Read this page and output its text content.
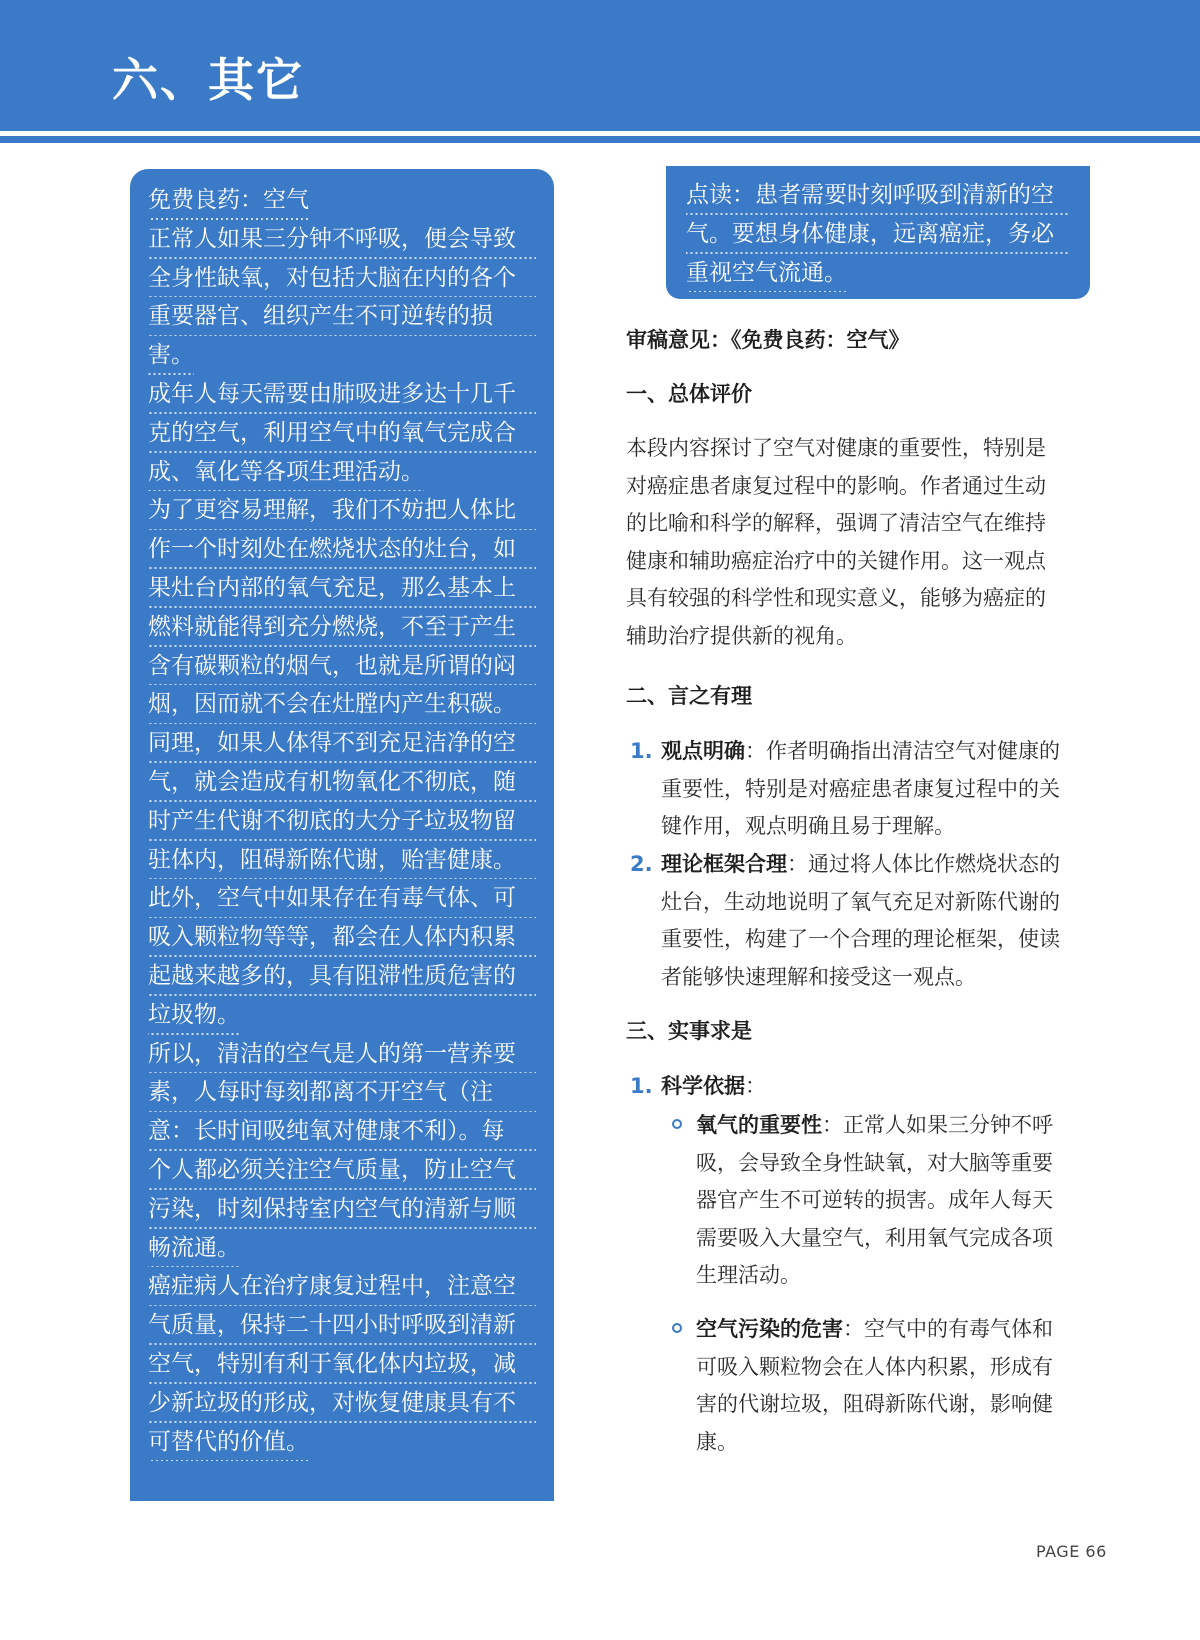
六、其它
免费良药：空气
正常人如果三分钟不呼吸，便会导致
全身性缺氧，对包括大脑在内的各个
重要器官、组织产生不可逆转的损
害。
成年人每天需要由肺吸进多达十几千
克的空气，利用空气中的氧气完成合
成、氧化等各项生理活动。
为了更容易理解，我们不妨把人体比
作一个时刻处在燃烧状态的灶台，如
果灶台内部的氧气充足，那么基本上
燃料就能得到充分燃烧，不至于产生
含有碳颗粒的烟气，也就是所谓的闷
烟，因而就不会在灶膛内产生积碳。
同理，如果人体得不到充足洁净的空
气，就会造成有机物氧化不彻底，随
时产生代谢不彻底的大分子垃圾物留
驻体内，阻碍新陈代谢，贻害健康。
此外，空气中如果存在有毒气体、可
吸入颗粒物等等，都会在人体内积累
起越来越多的，具有阻滞性质危害的
垃圾物。
所以，清洁的空气是人的第一营养要
素，人每时每刻都离不开空气（注
意：长时间吸纯氧对健康不利）。每
个人都必须关注空气质量，防止空气
污染，时刻保持室内空气的清新与顺
畅流通。
癌症病人在治疗康复过程中，注意空
气质量，保持二十四小时呼吸到清新
空气，特别有利于氧化体内垃圾，减
少新垃圾的形成，对恢复健康具有不
可替代的价值。
点读：患者需要时刻呼吸到清新的空
气。要想身体健康，远离癌症，务必
重视空气流通。
审稿意见：《免费良药：空气》
一、总体评价
本段内容探讨了空气对健康的重要性，特别是
对癌症患者康复过程中的影响。作者通过生动
的比喻和科学的解释，强调了清洁空气在维持
健康和辅助癌症治疗中的关键作用。这一观点
具有较强的科学性和现实意义，能够为癌症的
辅助治疗提供新的视角。
二、言之有理
1. 观点明确：作者明确指出清洁空气对健康的
重要性，特别是对癌症患者康复过程中的关
键作用，观点明确且易于理解。
2. 理论框架合理：通过将人体比作燃烧状态的
灶台，生动地说明了氧气充足对新陈代谢的
重要性，构建了一个合理的理论框架，使读
者能够快速理解和接受这一观点。
三、实事求是
1. 科学依据：
氧气的重要性：正常人如果三分钟不呼
吸，会导致全身性缺氧，对大脑等重要
器官产生不可逆转的损害。成年人每天
需要吸入大量空气，利用氧气完成各项
生理活动。
空气污染的危害：空气中的有毒气体和
可吸入颗粒物会在人体内积累，形成有
害的代谢垃圾，阻碍新陈代谢，影响健
康。
PAGE 66
